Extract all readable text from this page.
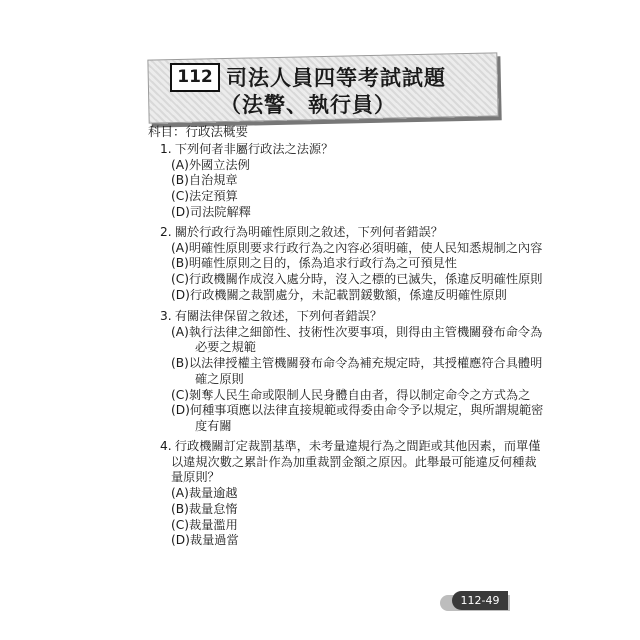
112 司法人員四等考試試題
（法警、執行員）
科目：行政法概要
1. 下列何者非屬行政法之法源？
(A)外國立法例
(B)自治規章
(C)法定預算
(D)司法院解釋
2. 關於行政行為明確性原則之敘述，下列何者錯誤？
(A)明確性原則要求行政行為之內容必須明確，使人民知悉規制之內容
(B)明確性原則之目的，係為追求行政行為之可預見性
(C)行政機關作成沒入處分時，沒入之標的已滅失，係違反明確性原則
(D)行政機關之裁罰處分，未記載罰鍰數額，係違反明確性原則
3. 有關法律保留之敘述，下列何者錯誤？
(A)執行法律之細節性、技術性次要事項，則得由主管機關發布命令為
必要之規範
(B)以法律授權主管機關發布命令為補充規定時，其授權應符合具體明
確之原則
(C)剝奪人民生命或限制人民身體自由者，得以制定命令之方式為之
(D)何種事項應以法律直接規範或得委由命令予以規定，與所謂規範密
度有關
4. 行政機關訂定裁罰基準，未考量違規行為之間距或其他因素，而單僅
以違規次數之累計作為加重裁罰金額之原因。此舉最可能違反何種裁
量原則？
(A)裁量逾越
(B)裁量怠惰
(C)裁量濫用
(D)裁量過當
112-49
